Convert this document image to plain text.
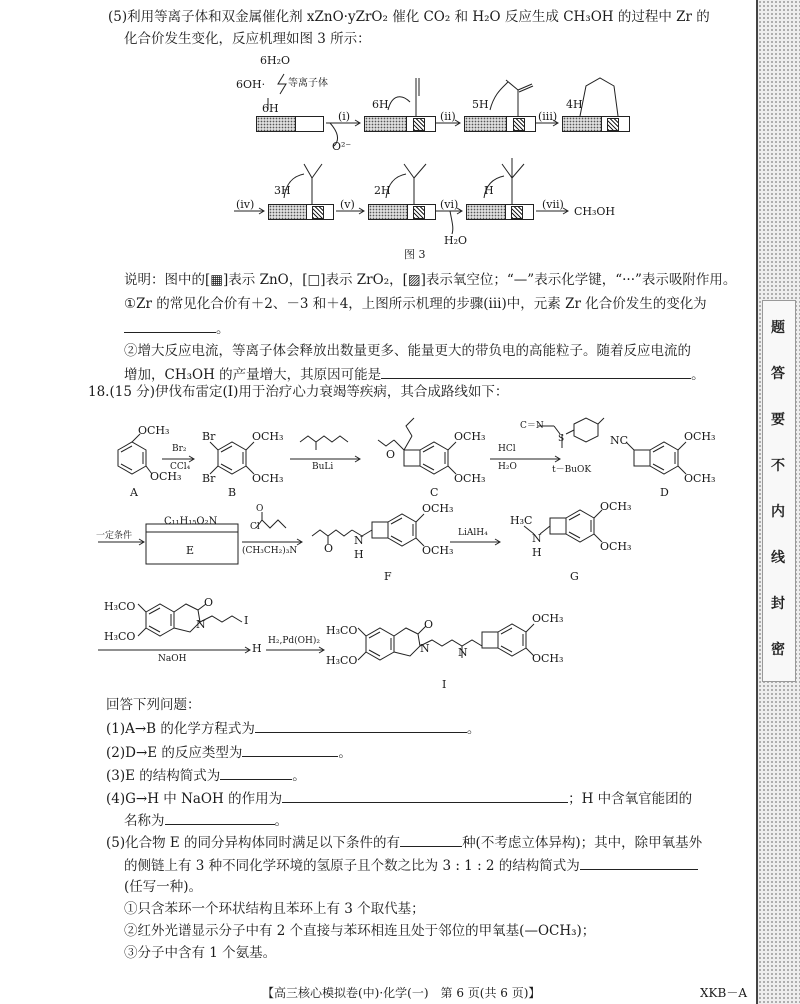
(5)利用等离子体和双金属催化剂 xZnO·yZrO₂ 催化 CO₂ 和 H₂O 反应生成 CH₃OH 的过程中 Zr 的
化合价发生变化，反应机理如图 3 所示：
6H₂O
6OH· 等离子体
6H
O²⁻
6H	5H	4H
3H	2H	H
H₂O
CH₃OH
(i)	(ii)	(iii)
(iv)	(v)	(vi)	(vii)
图 3
说明：图中的[▦]表示 ZnO，[□]表示 ZrO₂，[▨]表示氧空位；“—”表示化学键，“···”表示吸附作用。
①Zr 的常见化合价有＋2、－3 和＋4，上图所示机理的步骤(iii)中，元素 Zr 化合价发生的变化为
。
②增大反应电流，等离子体会释放出数量更多、能量更大的带负电的高能粒子。随着反应电流的
增加，CH₃OH 的产量增大，其原因可能是	。
18.(15 分)伊伐布雷定(I)用于治疗心力衰竭等疾病，其合成路线如下：
OCH₃
OCH₃
A
Br₂
CCl₄
Br
Br
OCH₃
OCH₃
B
BuLi
O
OCH₃
OCH₃
C
HCl
H₂O
C＝N
S
t－BuOK
NC	OCH₃
OCH₃
D
一定条件
C₁₁H₁₅O₂N
E
Cl
O
(CH₃CH₂)₃N O
N
H
OCH₃
OCH₃
F
LiAlH₄
H₃C
N
H
OCH₃
OCH₃
G
H₃CO
H₃CO
O
N	I
NaOH
H
H₂,Pd(OH)₂
H₃CO
H₃CO
O
N	N
OCH₃
OCH₃
I
回答下列问题：
(1)A→B 的化学方程式为	。
(2)D→E 的反应类型为	。
(3)E 的结构简式为	。
(4)G→H 中 NaOH 的作用为	；H 中含氧官能团的
名称为	。
(5)化合物 E 的同分异构体同时满足以下条件的有	种(不考虑立体异构)；其中，除甲氧基外
的侧链上有 3 种不同化学环境的氢原子且个数之比为 3 : 1 : 2 的结构简式为
(任写一种)。
①只含苯环一个环状结构且苯环上有 3 个取代基；
②红外光谱显示分子中有 2 个直接与苯环相连且处于邻位的甲氧基(—OCH₃)；
③分子中含有 1 个氨基。
【高三核心模拟卷(中)·化学(一)　第 6 页(共 6 页)】	XKB－A
题
答
要
不
内
线
封
密
